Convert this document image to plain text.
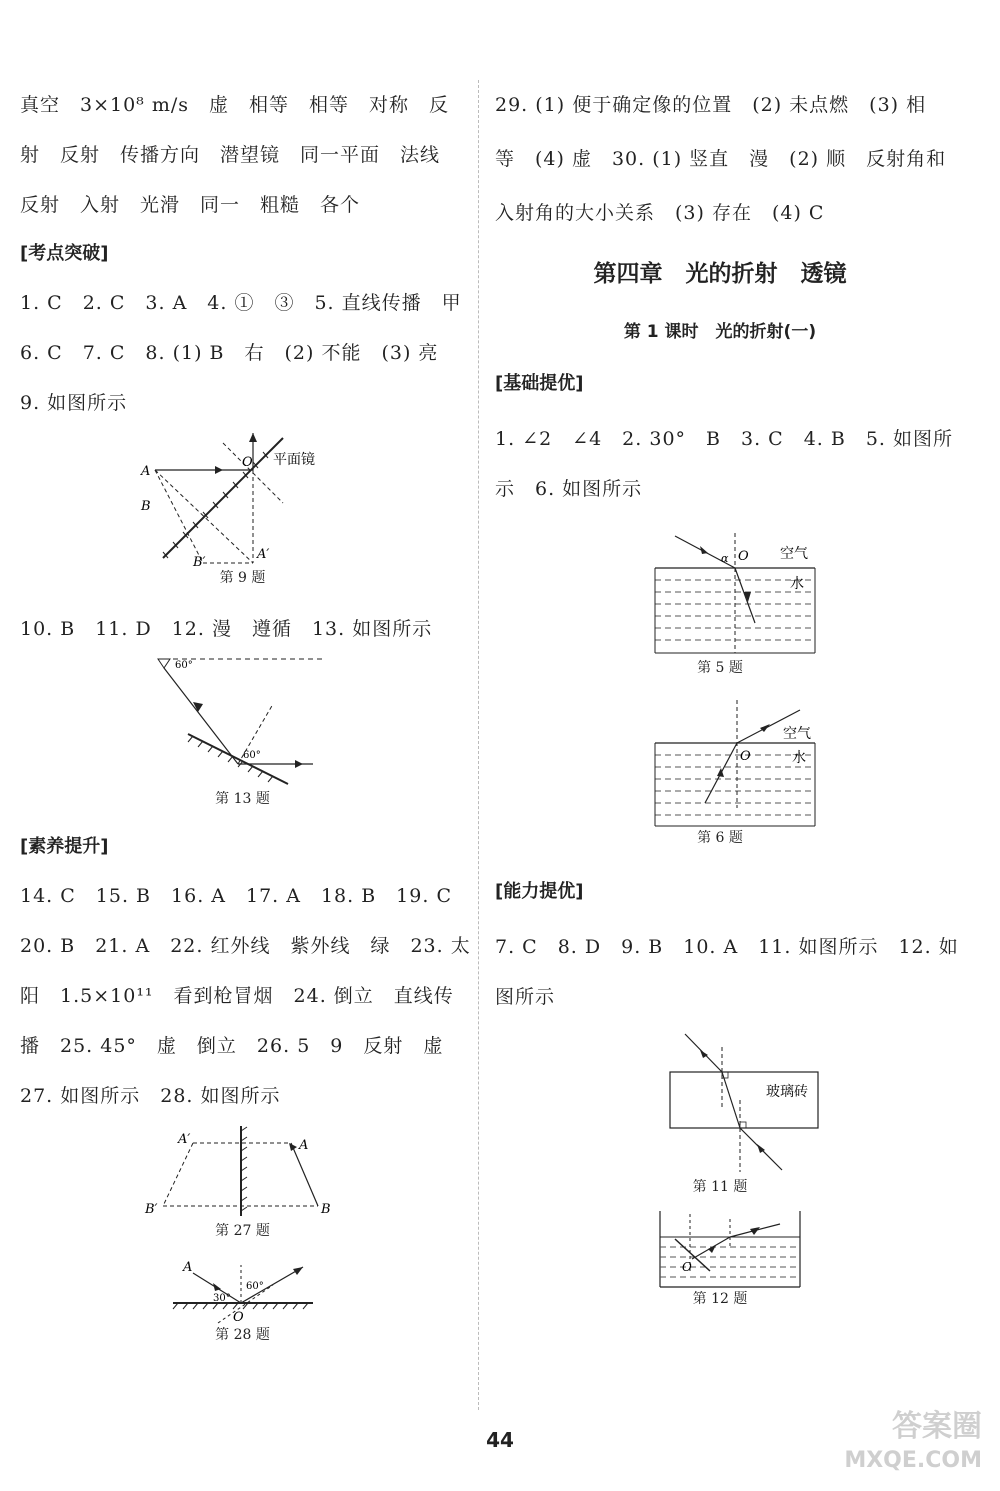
真空　3×10⁸ m/s　虚　相等　相等　对称　反
射　反射　传播方向　潜望镜　同一平面　法线
反射　入射　光滑　同一　粗糙　各个
[考点突破]
1. C　2. C　3. A　4. ①　③　5. 直线传播　甲
6. C　7. C　8. (1) B　右　(2) 不能　(3) 亮
9. 如图所示
O 平面镜
A
B
B′
A′
第 9 题
10. B　11. D　12. 漫　遵循　13. 如图所示
60°
60°
第 13 题
[素养提升]
14. C　15. B　16. A　17. A　18. B　19. C
20. B　21. A　22. 红外线　紫外线　绿　23. 太
阳　1.5×10¹¹　看到枪冒烟　24. 倒立　直线传
播　25. 45°　虚　倒立　26. 5　9　反射　虚
27. 如图所示　28. 如图所示
A′	A
B′	B
第 27 题
A
60°
30°
O
第 28 题
29. (1) 便于确定像的位置　(2) 未点燃　(3) 相
等　(4) 虚　30. (1) 竖直　漫　(2) 顺　反射角和
入射角的大小关系　(3) 存在　(4) C
第四章　光的折射　透镜
第 1 课时　光的折射(一)
[基础提优]
1. ∠2　∠4　2. 30°　B　3. C　4. B　5. 如图所
示　6. 如图所示
α O 空气
水
第 5 题
空气
O	水
第 6 题
[能力提优]
7. C　8. D　9. B　10. A　11. 如图所示　12. 如
图所示
玻璃砖
第 11 题
O
第 12 题
44	答案圈
MXQE.COM
